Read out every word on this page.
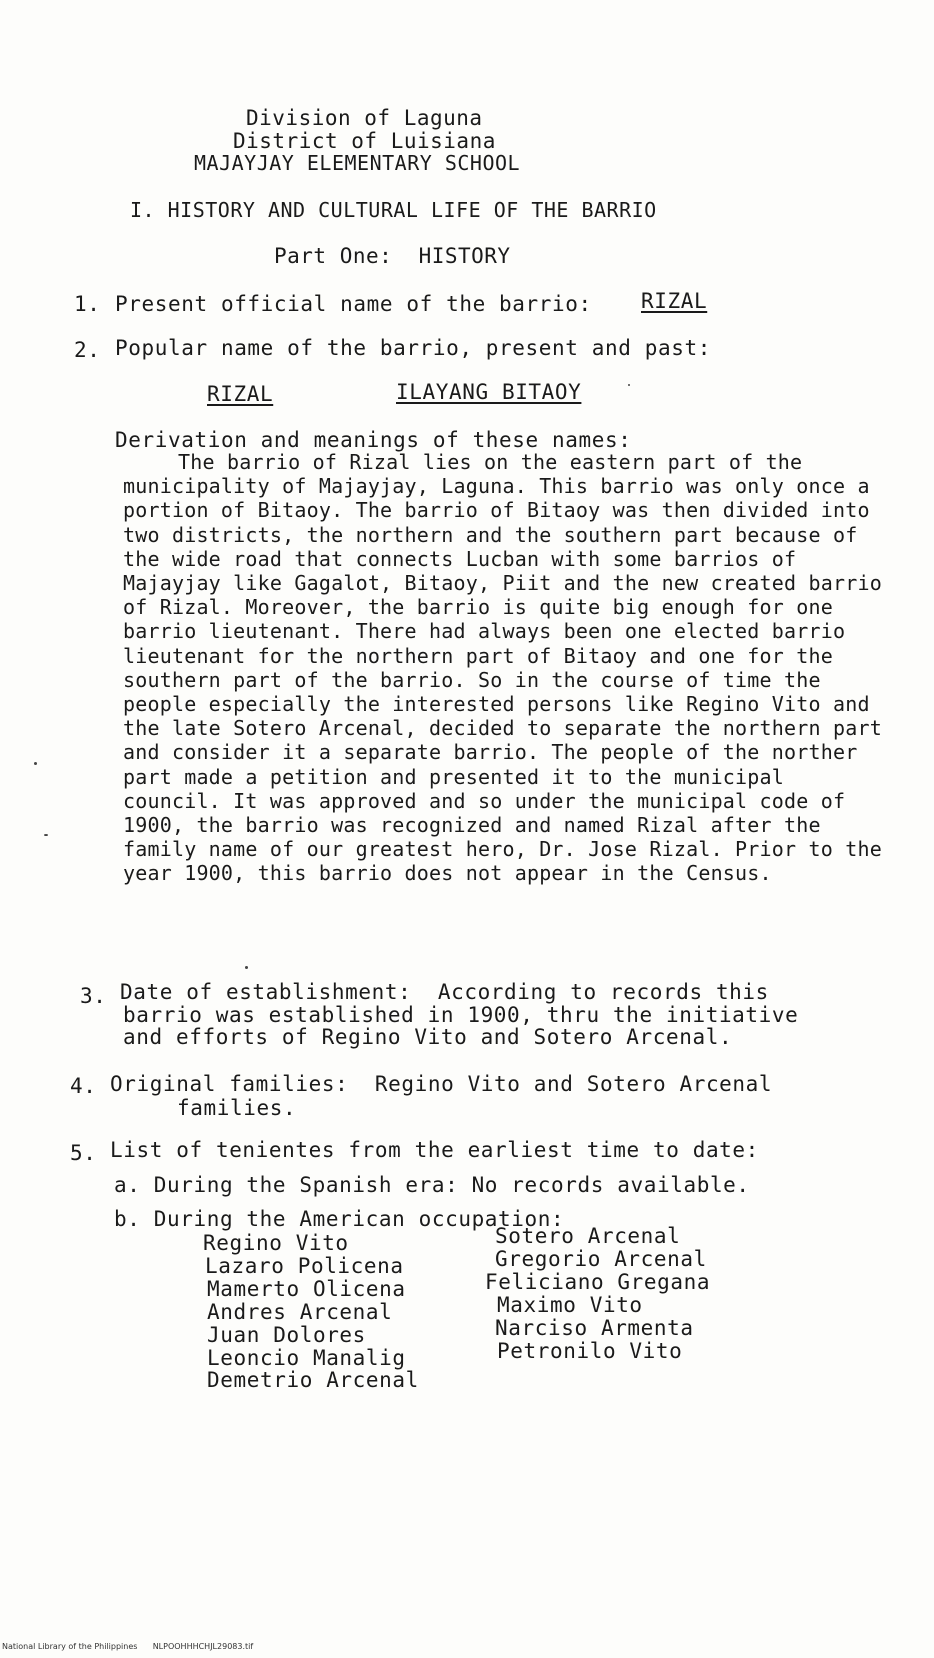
Division of Laguna
District of Luisiana
MAJAYJAY ELEMENTARY SCHOOL
I. HISTORY AND CULTURAL LIFE OF THE BARRIO
Part One:  HISTORY
1. Present official name of the barrio: RIZAL
2. Popular name of the barrio, present and past:
RIZAL	ILAYANG BITAOY
Derivation and meanings of these names:

The barrio of Rizal lies on the eastern part of the municipality of Majayjay, Laguna. This barrio was only once a portion of Bitaoy. The barrio of Bitaoy was then divided into two districts, the northern and the southern part because of the wide road that connects Lucban with some barrios of Majayjay like Gagalot, Bitaoy, Piit and the new created barrio of Rizal. Moreover, the barrio is quite big enough for one barrio lieutenant. There had always been one elected barrio lieutenant for the northern part of Bitaoy and one for the southern part of the barrio. So in the course of time the people especially the interested persons like Regino Vito and the late Sotero Arcenal, decided to separate the northern part and consider it a separate barrio. The people of the norther part made a petition and presented it to the municipal council. It was approved and so under the municipal code of 1900, the barrio was recognized and named Rizal after the family name of our greatest hero, Dr. Jose Rizal. Prior to the year 1900, this barrio does not appear in the Census.

3. Date of establishment:  According to records this
barrio was established in 1900, thru the initiative
and efforts of Regino Vito and Sotero Arcenal.
4. Original families:  Regino Vito and Sotero Arcenal
families.
5. List of tenientes from the earliest time to date:
a. During the Spanish era: No records available.
b. During the American occupation:
Regino Vito
Lazaro Policena
Mamerto Olicena
Andres Arcenal
Juan Dolores
Leoncio Manalig
Demetrio Arcenal
Sotero Arcenal
Gregorio Arcenal
Feliciano Gregana
Maximo Vito
Narciso Armenta
Petronilo Vito
National Library of the Philippines NLPOOHHHCHJL29083.tif
